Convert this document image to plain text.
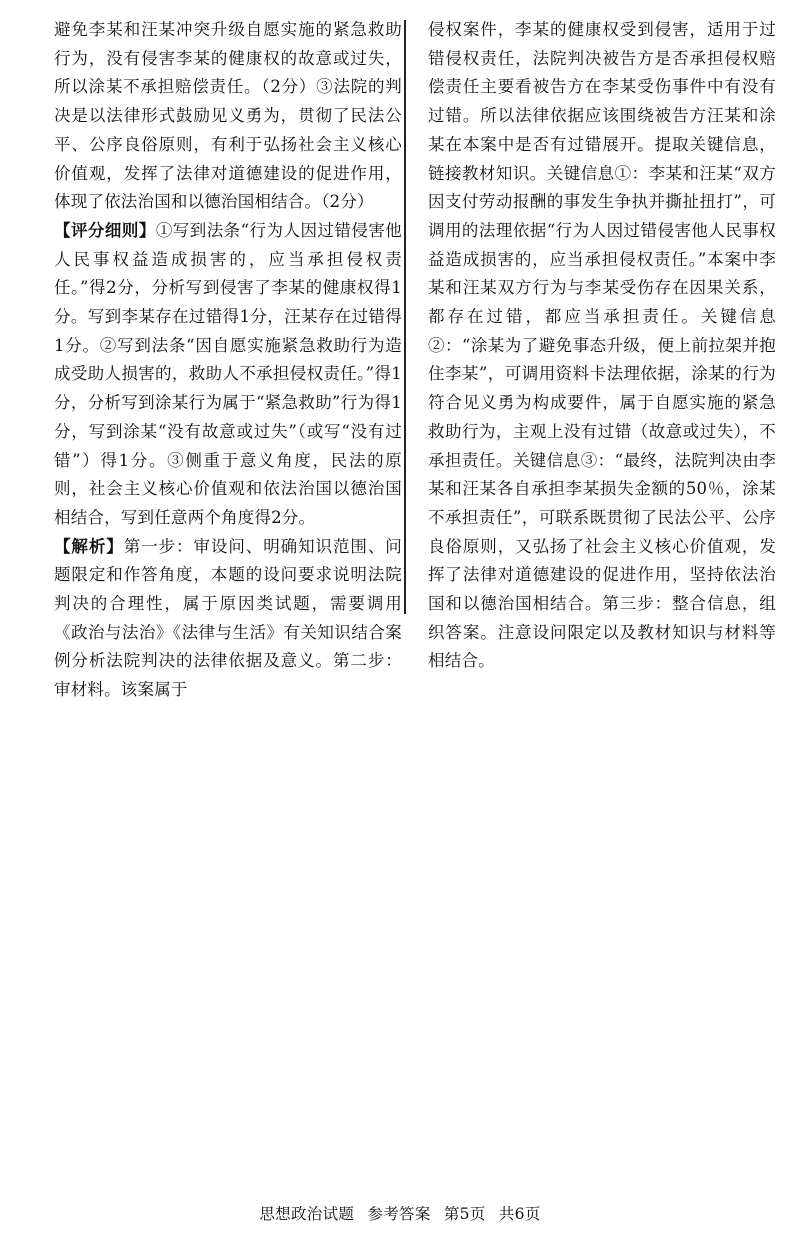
避免李某和汪某冲突升级自愿实施的紧急救助行为，没有侵害李某的健康权的故意或过失，所以涂某不承担赔偿责任。（2分）③法院的判决是以法律形式鼓励见义勇为，贯彻了民法公平、公序良俗原则，有利于弘扬社会主义核心价值观，发挥了法律对道德建设的促进作用，体现了依法治国和以德治国相结合。（2分）

【评分细则】①写到法条“行为人因过错侵害他人民事权益造成损害的，应当承担侵权责任。”得2分，分析写到侵害了李某的健康权得1分。写到李某存在过错得1分，汪某存在过错得1分。②写到法条“因自愿实施紧急救助行为造成受助人损害的，救助人不承担侵权责任。”得1分，分析写到涂某行为属于“紧急救助”行为得1分，写到涂某“没有故意或过失”（或写“没有过错”）得1分。③侧重于意义角度，民法的原则，社会主义核心价值观和依法治国以德治国相结合，写到任意两个角度得2分。

【解析】第一步：审设问、明确知识范围、问题限定和作答角度，本题的设问要求说明法院判决的合理性，属于原因类试题，需要调用《政治与法治》《法律与生活》有关知识结合案例分析法院判决的法律依据及意义。第二步：审材料。该案属于

侵权案件，李某的健康权受到侵害，适用于过错侵权责任，法院判决被告方是否承担侵权赔偿责任主要看被告方在李某受伤事件中有没有过错。所以法律依据应该围绕被告方汪某和涂某在本案中是否有过错展开。提取关键信息，链接教材知识。关键信息①：李某和汪某“双方因支付劳动报酬的事发生争执并撕扯扭打”，可调用的法理依据“行为人因过错侵害他人民事权益造成损害的，应当承担侵权责任。”本案中李某和汪某双方行为与李某受伤存在因果关系，都存在过错，都应当承担责任。关键信息②：“涂某为了避免事态升级，便上前拉架并抱住李某”，可调用资料卡法理依据，涂某的行为符合见义勇为构成要件，属于自愿实施的紧急救助行为，主观上没有过错（故意或过失），不承担责任。关键信息③：“最终，法院判决由李某和汪某各自承担李某损失金额的50％，涂某不承担责任”，可联系既贯彻了民法公平、公序良俗原则，又弘扬了社会主义核心价值观，发挥了法律对道德建设的促进作用，坚持依法治国和以德治国相结合。第三步：整合信息，组织答案。注意设问限定以及教材知识与材料等相结合。

思想政治试题 参考答案 第5页 共6页
